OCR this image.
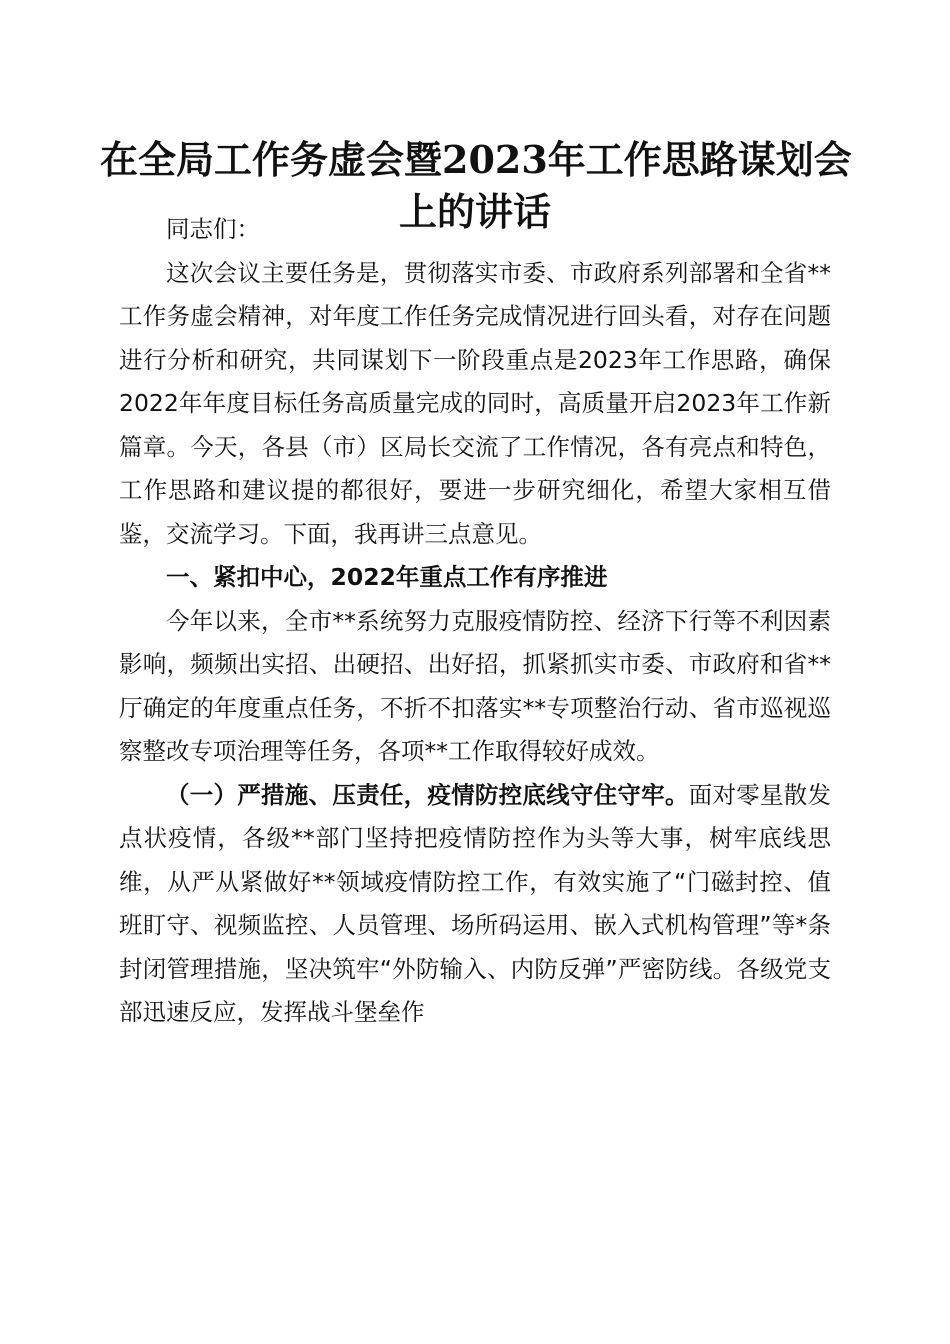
在全局工作务虚会暨2023年工作思路谋划会
上的讲话

同志们：

这次会议主要任务是，贯彻落实市委、市政府系列部署和全省**工作务虚会精神，对年度工作任务完成情况进行回头看，对存在问题进行分析和研究，共同谋划下一阶段重点是2023年工作思路，确保2022年年度目标任务高质量完成的同时，高质量开启2023年工作新篇章。今天，各县（市）区局长交流了工作情况，各有亮点和特色，工作思路和建议提的都很好，要进一步研究细化，希望大家相互借鉴，交流学习。下面，我再讲三点意见。

一、紧扣中心，2022年重点工作有序推进

今年以来，全市**系统努力克服疫情防控、经济下行等不利因素影响，频频出实招、出硬招、出好招，抓紧抓实市委、市政府和省**厅确定的年度重点任务，不折不扣落实**专项整治行动、省市巡视巡察整改专项治理等任务，各项**工作取得较好成效。

（一）严措施、压责任，疫情防控底线守住守牢。面对零星散发点状疫情，各级**部门坚持把疫情防控作为头等大事，树牢底线思维，从严从紧做好**领域疫情防控工作，有效实施了“门磁封控、值班盯守、视频监控、人员管理、场所码运用、嵌入式机构管理”等*条封闭管理措施，坚决筑牢“外防输入、内防反弹”严密防线。各级党支部迅速反应，发挥战斗堡垒作
